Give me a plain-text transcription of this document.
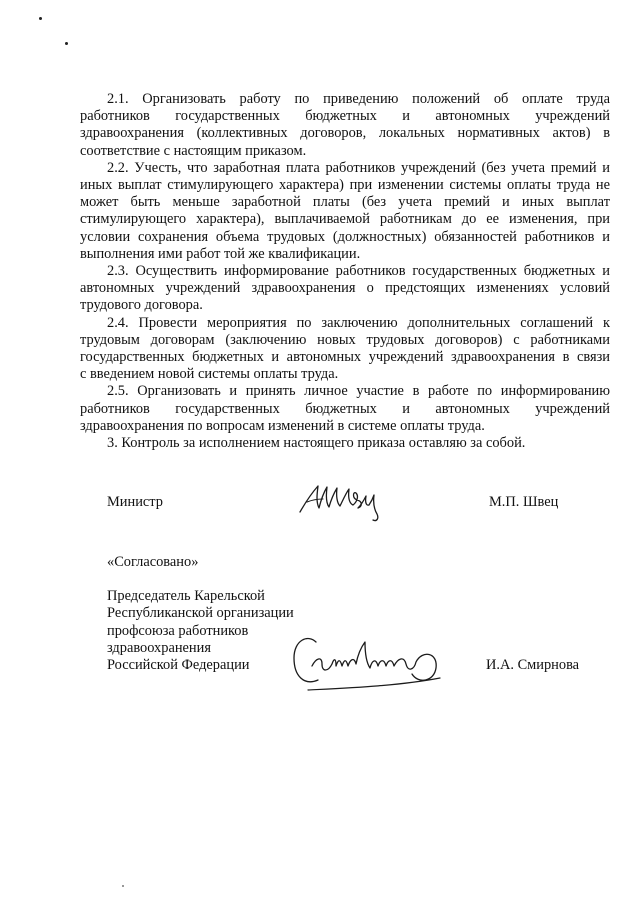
2.1. Организовать работу по приведению положений об оплате труда
работников государственных бюджетных и автономных учреждений
здравоохранения (коллективных договоров, локальных нормативных актов) в
соответствие с настоящим приказом.
2.2. Учесть, что заработная плата работников учреждений (без учета премий и
иных выплат стимулирующего характера) при изменении системы оплаты труда не
может быть меньше заработной платы (без учета премий и иных выплат
стимулирующего характера), выплачиваемой работникам до ее изменения, при
условии сохранения объема трудовых (должностных) обязанностей работников и
выполнения ими работ той же квалификации.
2.3. Осуществить информирование работников государственных бюджетных и
автономных учреждений здравоохранения о предстоящих изменениях условий
трудового договора.
2.4. Провести мероприятия по заключению дополнительных соглашений к
трудовым договорам (заключению новых трудовых договоров) с работниками
государственных бюджетных и автономных учреждений здравоохранения в связи
с введением новой системы оплаты труда.
2.5. Организовать и принять личное участие в работе по информированию
работников государственных бюджетных и автономных учреждений
здравоохранения по вопросам изменений в системе оплаты труда.
3. Контроль за исполнением настоящего приказа оставляю за собой.
Министр	М.П. Швец
«Согласовано»
Председатель Карельской
Республиканской организации
профсоюза работников
здравоохранения
Российской Федерации	И.А. Смирнова
